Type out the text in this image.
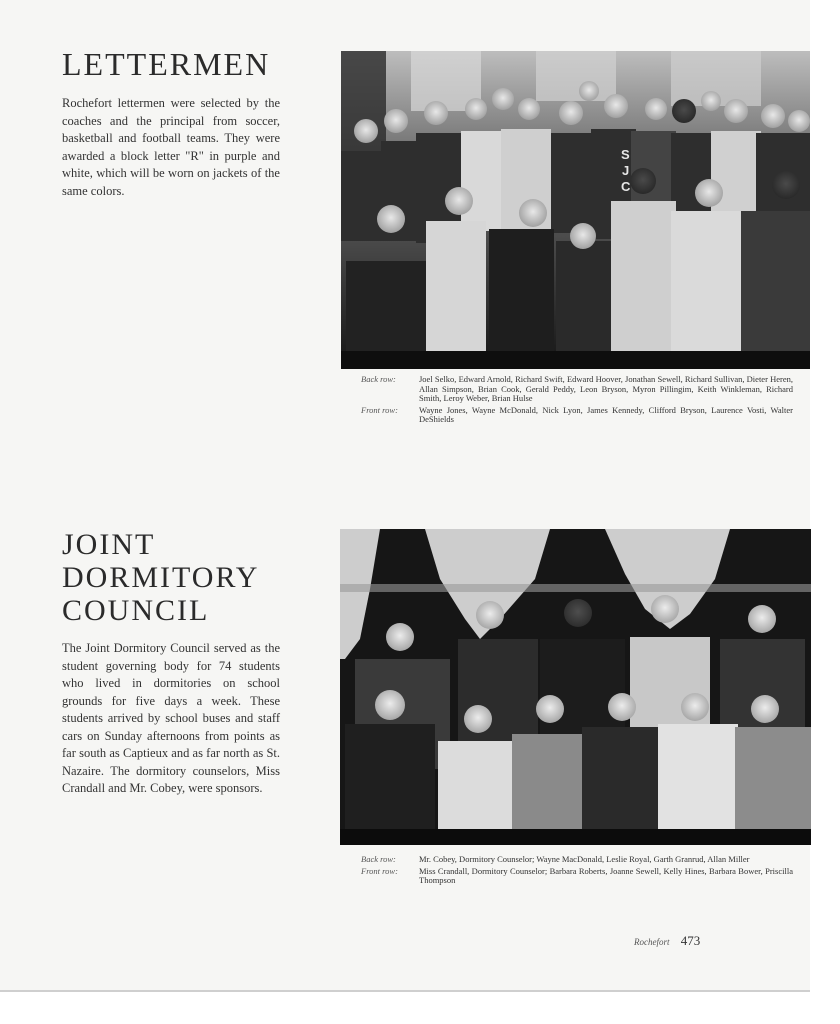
LETTERMEN

Rochefort lettermen were selected by the coaches and the principal from soccer, basketball and football teams. They were awarded a block letter "R" in purple and white, which will be worn on jackets of the same colors.

S
J
C
Back row:	Joel Selko, Edward Arnold, Richard Swift, Edward Hoover, Jonathan Sewell, Richard Sullivan, Dieter Heren, Allan Simpson, Brian Cook, Gerald Peddy, Leon Bryson, Myron Pillingim, Keith Winkleman, Richard Smith, Leroy Weber, Brian Hulse
Front row:	Wayne Jones, Wayne McDonald, Nick Lyon, James Kennedy, Clifford Bryson, Laurence Vosti, Walter DeShields
JOINT
DORMITORY
COUNCIL

The Joint Dormitory Council served as the student governing body for 74 students who lived in dormitories on school grounds for five days a week. These students arrived by school buses and staff cars on Sunday afternoons from points as far south as Captieux and as far north as St. Nazaire. The dormitory counselors, Miss Crandall and Mr. Cobey, were sponsors.

Back row:	Mr. Cobey, Dormitory Counselor; Wayne MacDonald, Leslie Royal, Garth Granrud, Allan Miller
Front row:	Miss Crandall, Dormitory Counselor; Barbara Roberts, Joanne Sewell, Kelly Hines, Barbara Bower, Priscilla Thompson
Rochefort 473
